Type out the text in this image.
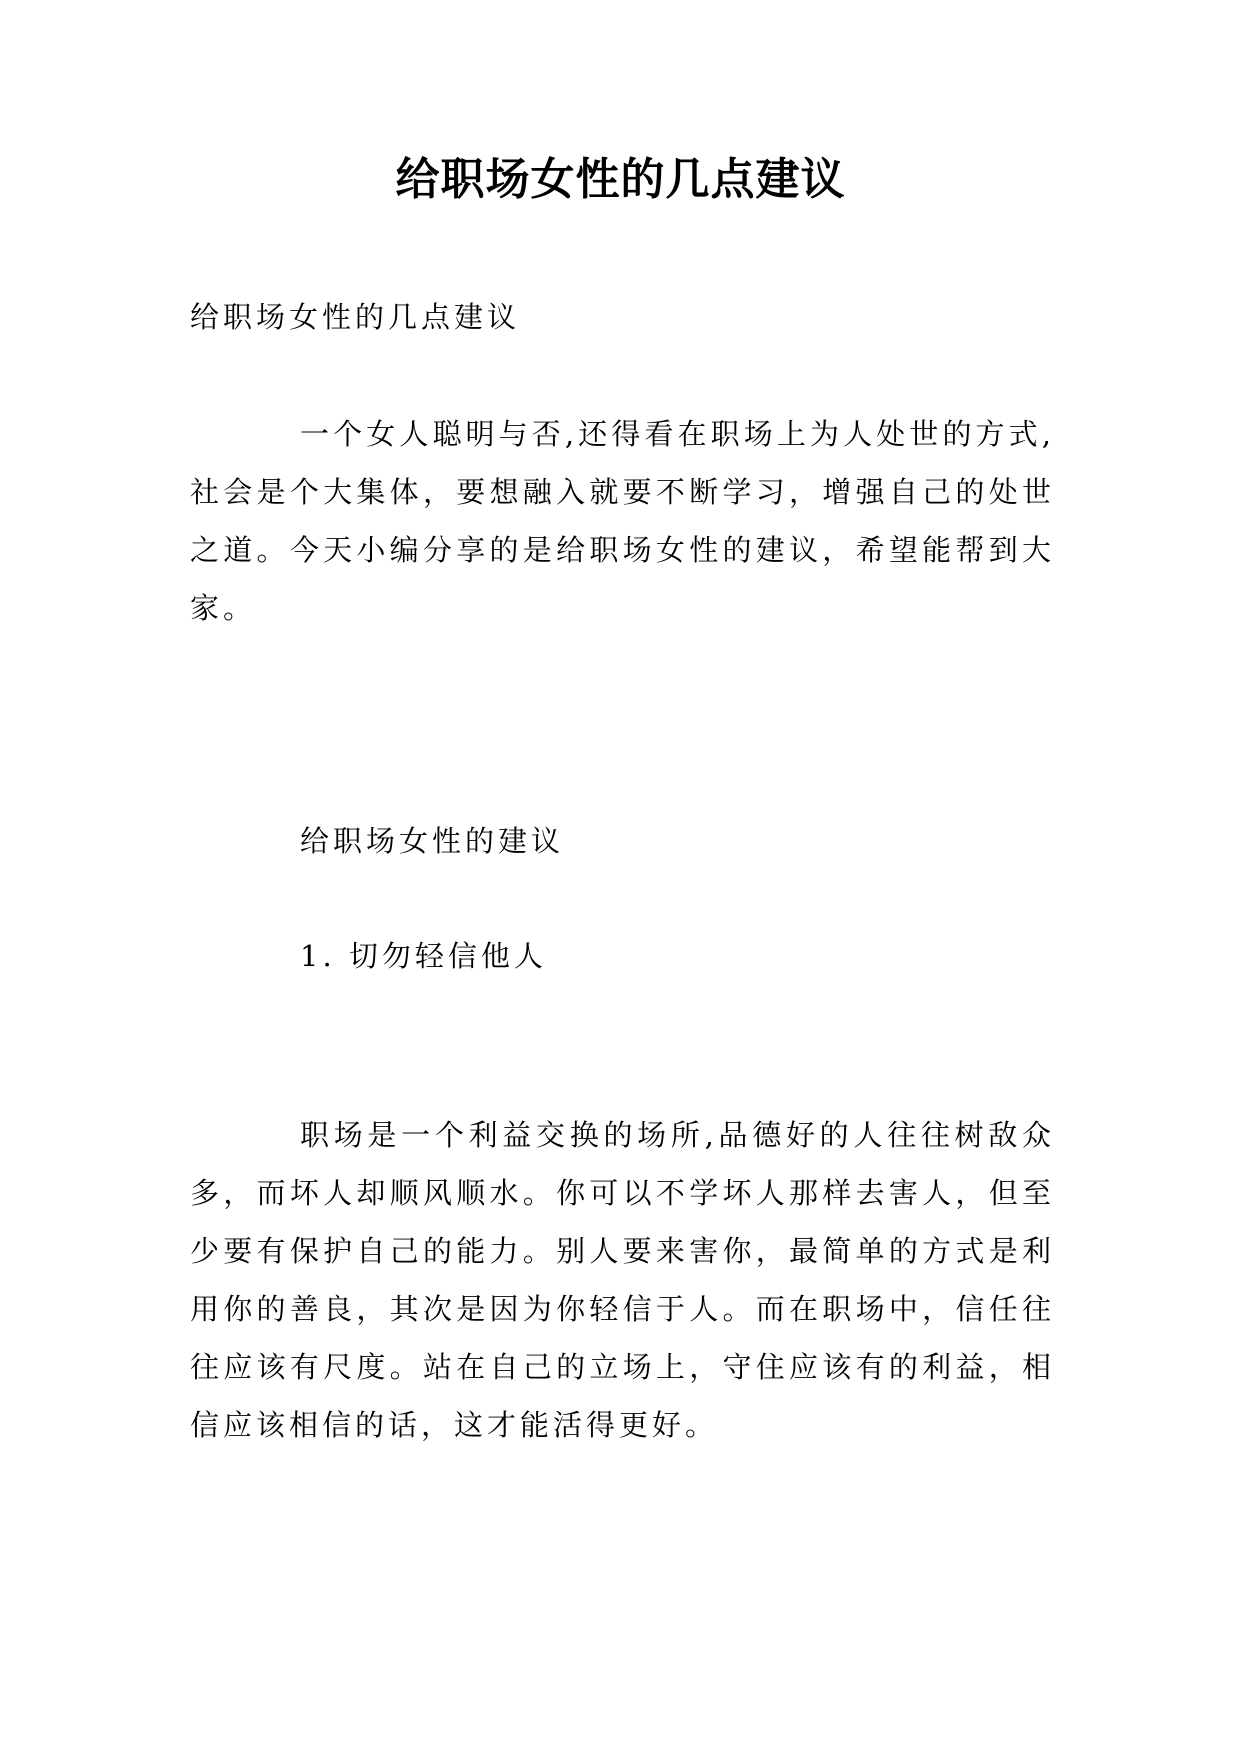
给职场女性的几点建议
给职场女性的几点建议
一个女人聪明与否,还得看在职场上为人处世的方式,社会是个大集体，要想融入就要不断学习，增强自己的处世之道。今天小编分享的是给职场女性的建议，希望能帮到大家。
给职场女性的建议
1. 切勿轻信他人
职场是一个利益交换的场所,品德好的人往往树敌众多，而坏人却顺风顺水。你可以不学坏人那样去害人，但至少要有保护自己的能力。别人要来害你，最简单的方式是利用你的善良，其次是因为你轻信于人。而在职场中，信任往往应该有尺度。站在自己的立场上，守住应该有的利益，相信应该相信的话，这才能活得更好。
